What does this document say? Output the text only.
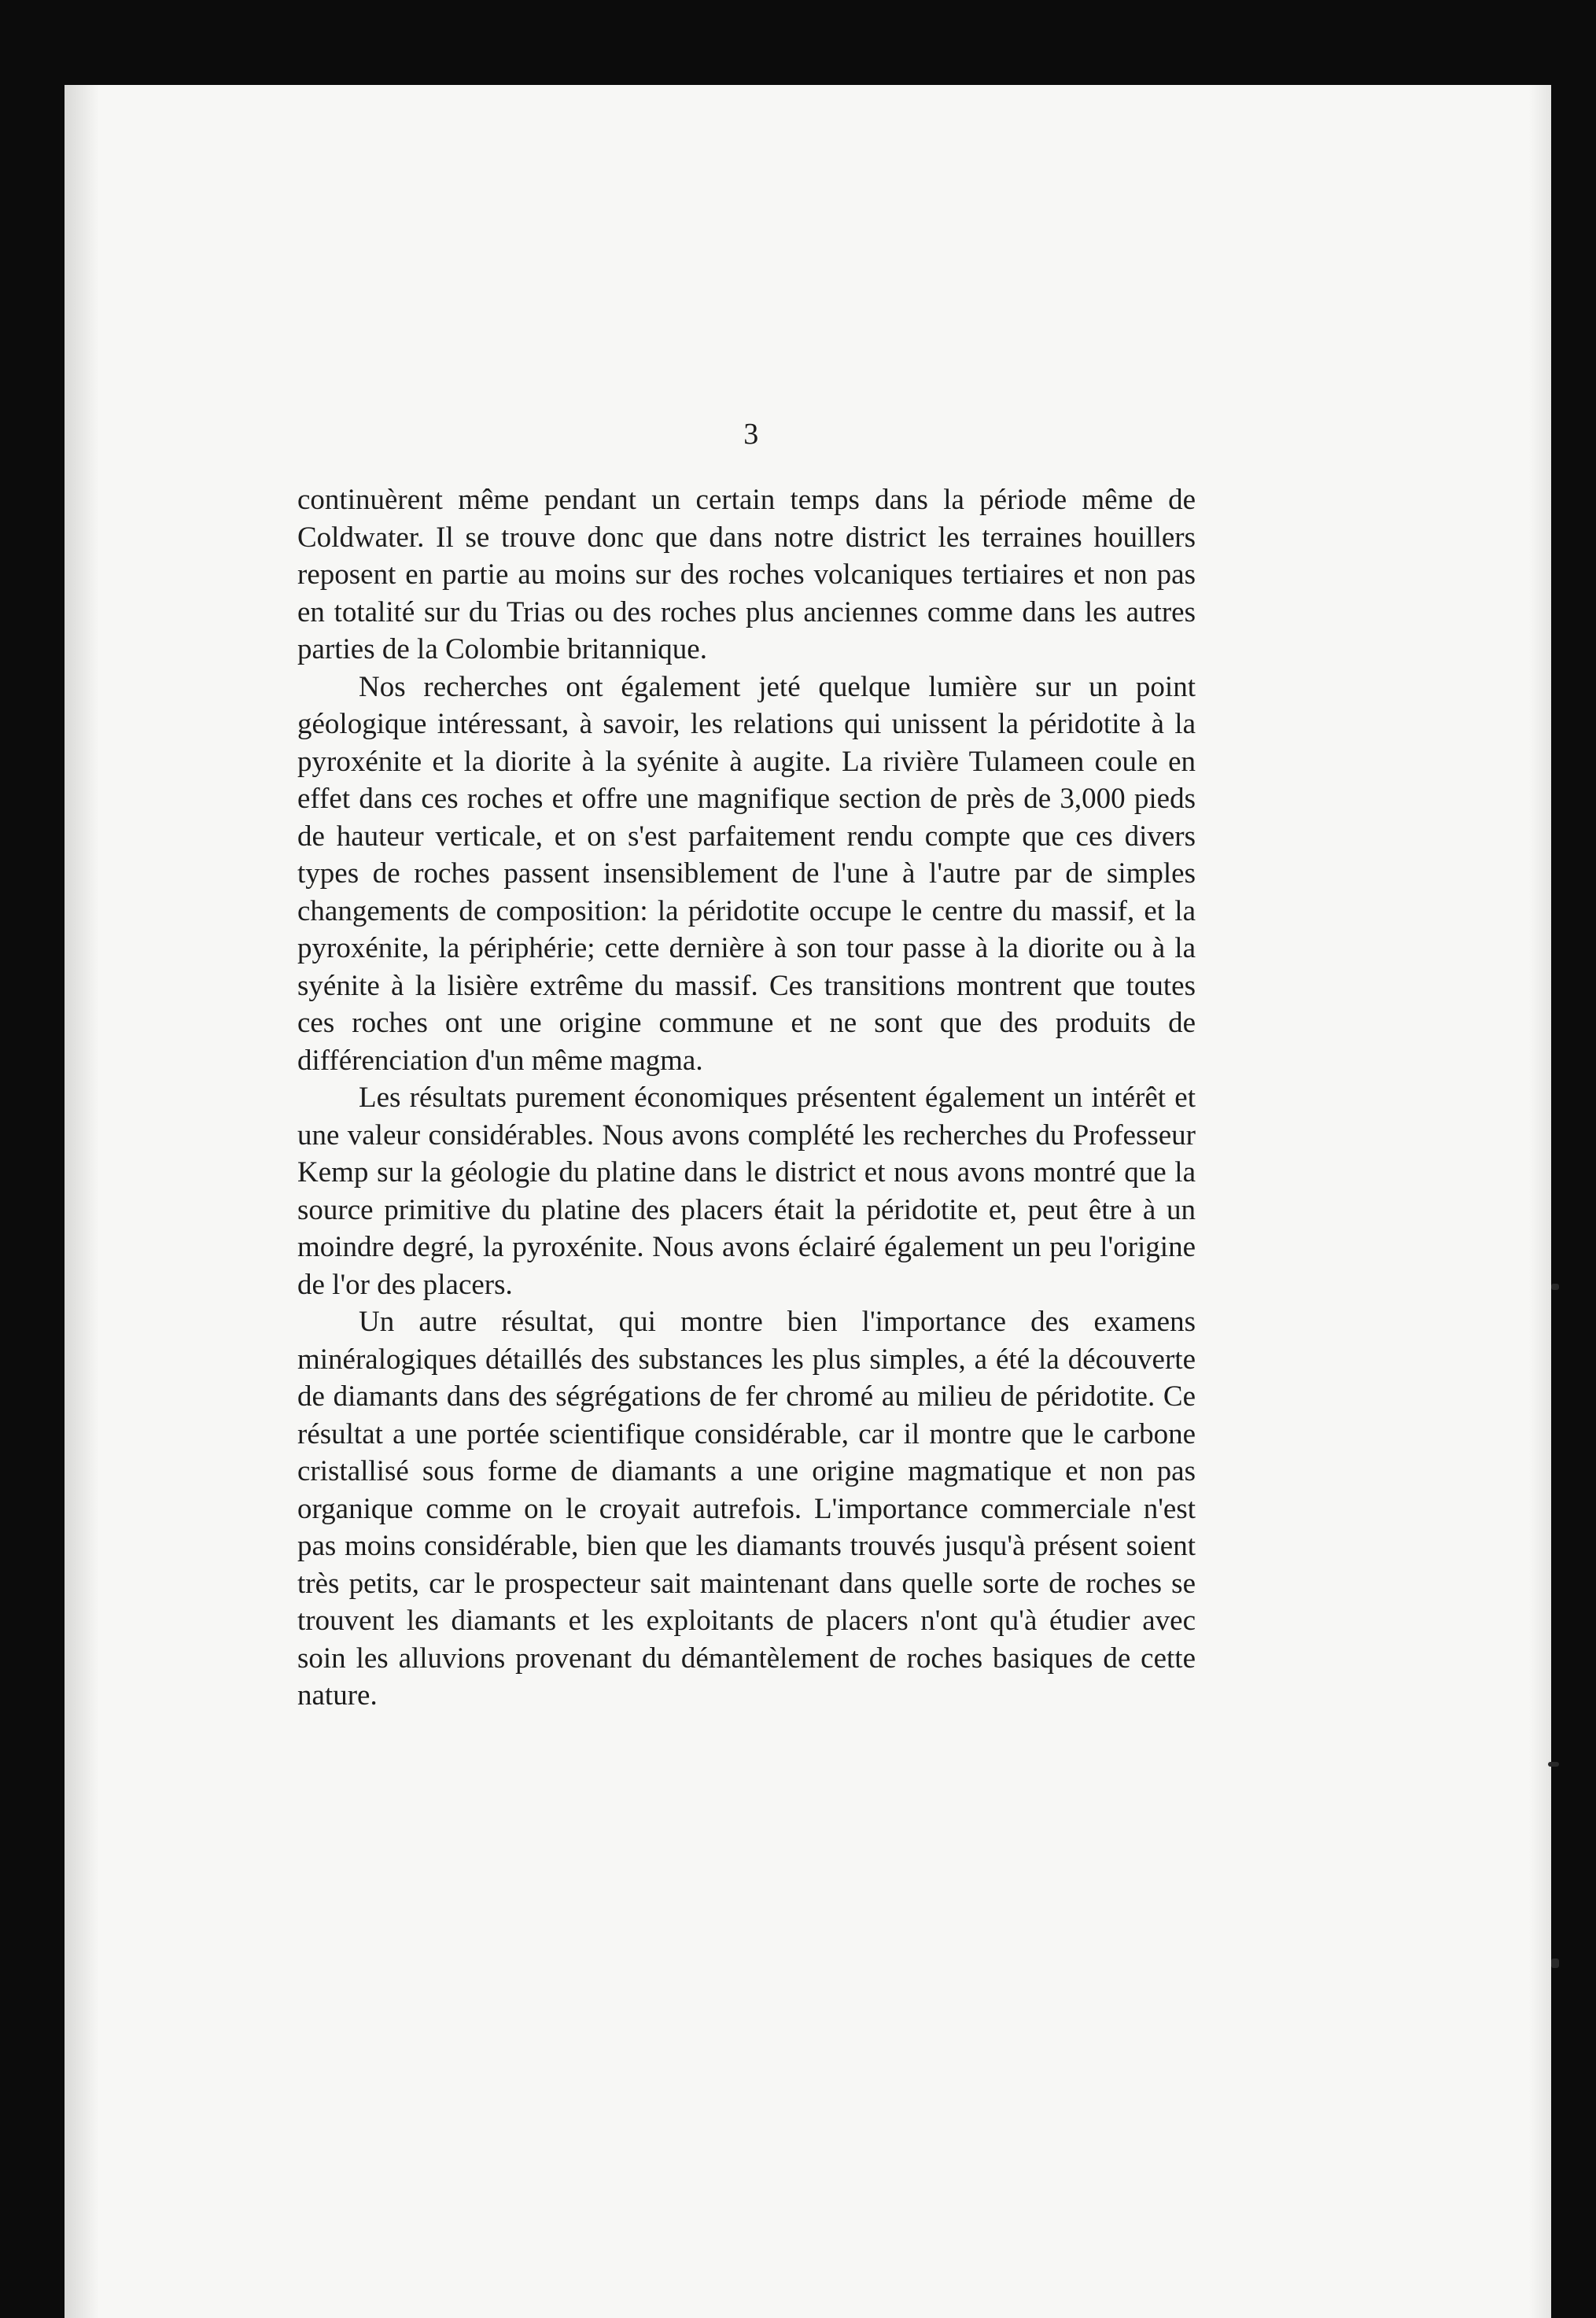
3

continuèrent même pendant un certain temps dans la période même de Coldwater. Il se trouve donc que dans notre district les terraines houillers reposent en partie au moins sur des roches volcaniques tertiaires et non pas en totalité sur du Trias ou des roches plus anciennes comme dans les autres parties de la Colombie britannique.

Nos recherches ont également jeté quelque lumière sur un point géologique intéressant, à savoir, les relations qui unissent la péridotite à la pyroxénite et la diorite à la syénite à augite. La rivière Tulameen coule en effet dans ces roches et offre une magnifique section de près de 3,000 pieds de hauteur verticale, et on s'est parfaitement rendu compte que ces divers types de roches passent insensiblement de l'une à l'autre par de simples changements de composition: la péridotite occupe le centre du massif, et la pyroxénite, la périphérie; cette dernière à son tour passe à la diorite ou à la syénite à la lisière extrême du massif. Ces transitions montrent que toutes ces roches ont une origine commune et ne sont que des produits de différenciation d'un même magma.

Les résultats purement économiques présentent également un intérêt et une valeur considérables. Nous avons complété les recherches du Professeur Kemp sur la géologie du platine dans le district et nous avons montré que la source primitive du platine des placers était la péridotite et, peut être à un moindre degré, la pyroxénite. Nous avons éclairé également un peu l'origine de l'or des placers.

Un autre résultat, qui montre bien l'importance des examens minéralogiques détaillés des substances les plus simples, a été la découverte de diamants dans des ségrégations de fer chromé au milieu de péridotite. Ce résultat a une portée scientifique considérable, car il montre que le carbone cristallisé sous forme de diamants a une origine magmatique et non pas organique comme on le croyait autrefois. L'importance commerciale n'est pas moins considérable, bien que les diamants trouvés jusqu'à présent soient très petits, car le prospecteur sait maintenant dans quelle sorte de roches se trouvent les diamants et les exploitants de placers n'ont qu'à étudier avec soin les alluvions provenant du démantèlement de roches basiques de cette nature.
